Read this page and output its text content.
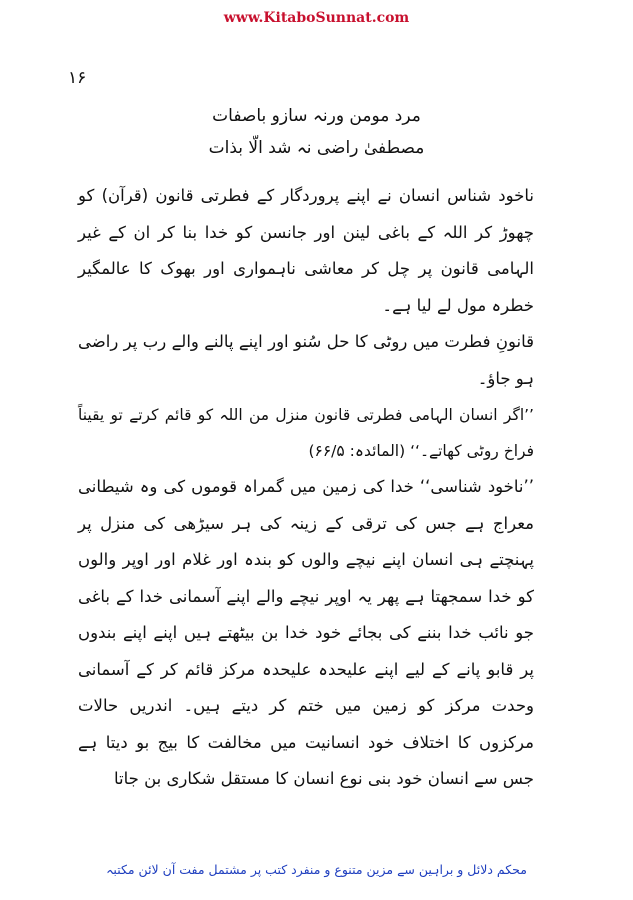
www.KitaboSunnat.com
۱۶
مرد مومن ورنہ سازو باصفات
مصطفیٰ راضی نہ شد الّا بذات

ناخود شناس انسان نے اپنے پروردگار کے فطرتی قانون (قرآن) کو چھوڑ کر اللہ کے باغی لینن اور جانسن کو خدا بنا کر ان کے غیر الہامی قانون پر چل کر معاشی ناہمواری اور بھوک کا عالمگیر خطرہ مول لے لیا ہے۔

قانونِ فطرت میں روٹی کا حل سُنو اور اپنے پالنے والے رب پر راضی ہو جاؤ۔

’’اگر انسان الہامی فطرتی قانون منزل من اللہ کو قائم کرتے تو یقیناً فراخ روٹی کھاتے۔‘‘ (المائدہ: ۶۶/۵)

’’ناخود شناسی‘‘ خدا کی زمین میں گمراہ قوموں کی وہ شیطانی معراج ہے جس کی ترقی کے زینہ کی ہر سیڑھی کی منزل پر پہنچتے ہی انسان اپنے نیچے والوں کو بندہ اور غلام اور اوپر والوں کو خدا سمجھتا ہے پھر یہ اوپر نیچے والے اپنے آسمانی خدا کے باغی جو نائب خدا بننے کی بجائے خود خدا بن بیٹھتے ہیں اپنے اپنے بندوں پر قابو پانے کے لیے اپنے علیحدہ علیحدہ مرکز قائم کر کے آسمانی وحدت مرکز کو زمین میں ختم کر دیتے ہیں۔ اندریں حالات مرکزوں کا اختلاف خود انسانیت میں مخالفت کا بیج بو دیتا ہے جس سے انسان خود بنی نوع انسان کا مستقل شکاری بن جاتا

محکم دلائل و براہین سے مزین متنوع و منفرد کتب پر مشتمل مفت آن لائن مکتبہ
